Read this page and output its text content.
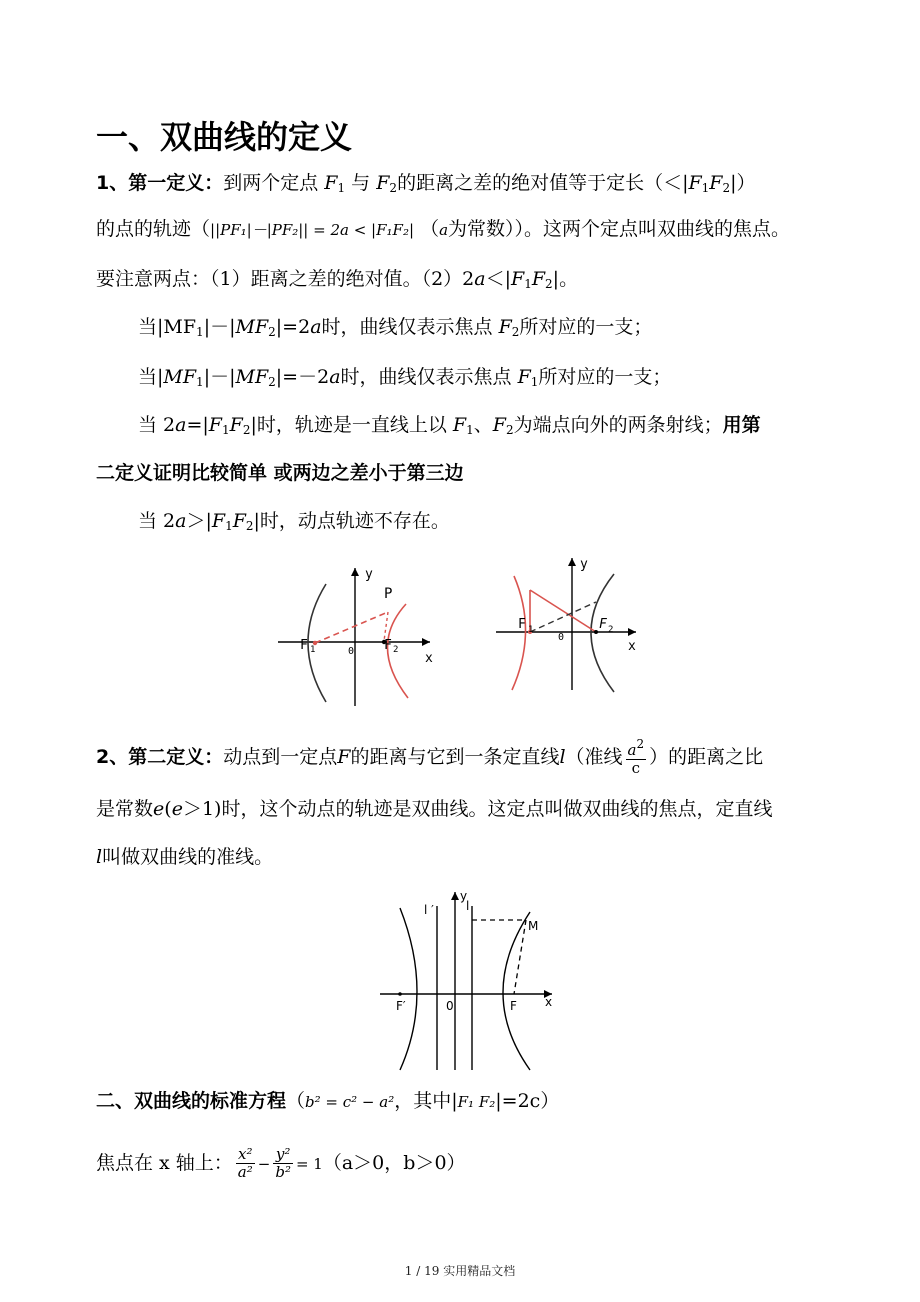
一、双曲线的定义
1、第一定义：到两个定点 $F_1$ 与 $F_2$的距离之差的绝对值等于定长$(<|F_1F_2|)$
的点的轨迹（||PF₁|－|PF₂|| = 2a < |F₁F₂| （a为常数））。这两个定点叫双曲线的焦点。
要注意两点：（1）距离之差的绝对值。$(2)2a<|F_1F_2|$。
当$|MF_1|-|MF_2|=2a$时，曲线仅表示焦点 $F_2$所对应的一支；
当$|MF_1|-|MF_2|=-2a$时，曲线仅表示焦点 $F_1$所对应的一支；
当 $2a=|F_1F_2|$时，轨迹是一直线上以 $F_1$、$F_2$为端点向外的两条射线；用第
二定义证明比较简单 或两边之差小于第三边
当 $2a>|F_1F_2|$时，动点轨迹不存在。
y
x
P
F 1	F 2
0
y
x
F 1	F 2
0
2、第二定义：动点到一定点F的距离与它到一条定直线l（准线 $\frac{a^2}{c}$ ）的距离之比
是常数e(e＞1)时，这个动点的轨迹是双曲线。这定点叫做双曲线的焦点，定直线
l叫做双曲线的准线。
y
x
l ′	l
M
F′	0	F
二、双曲线的标准方程（b² = c² − a²，其中|F₁ F₂|=2c）
焦点在 x 轴上： $\frac{\text{x²}}{\text{a²}} - \frac{\text{y²}}{\text{b²}} = 1(a>0$，b＞0）
1 / 19 实用精品文档
